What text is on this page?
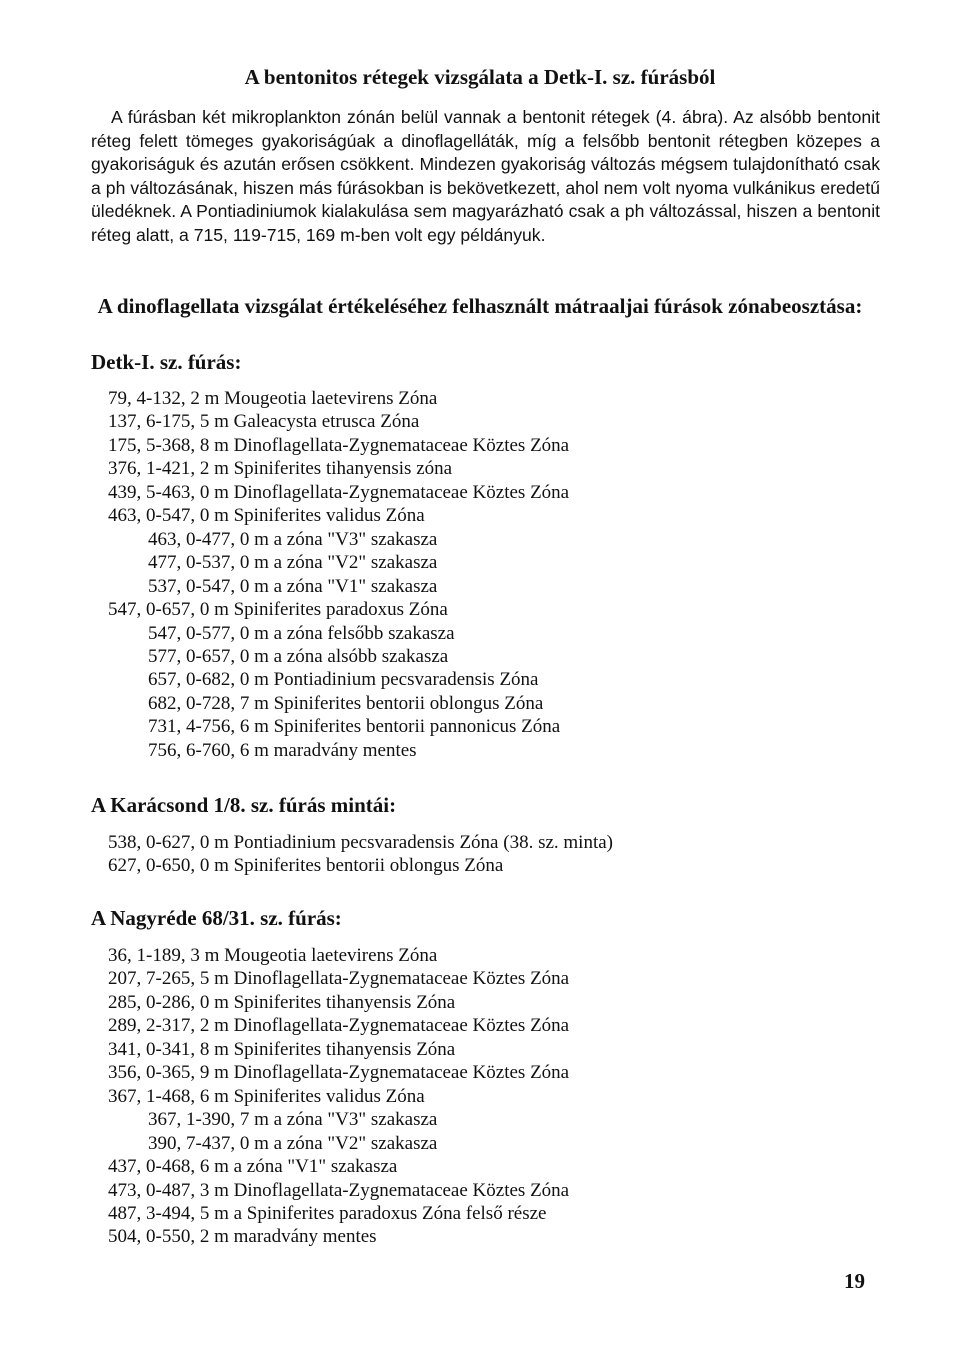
A bentonitos rétegek vizsgálata a Detk-I. sz. fúrásból

A fúrásban két mikroplankton zónán belül vannak a bentonit rétegek (4. ábra). Az alsóbb bentonit réteg felett tömeges gyakoriságúak a dinoflagelláták, míg a felsőbb bentonit rétegben közepes a gyakoriságuk és azután erősen csökkent. Mindezen gyakoriság változás mégsem tulajdonítható csak a ph változásának, hiszen más fúrásokban is bekövetkezett, ahol nem volt nyoma vulkánikus eredetű üledéknek. A Pontiadiniumok kialakulása sem magyarázható csak a ph változással, hiszen a bentonit réteg alatt, a 715, 119-715, 169 m-ben volt egy példányuk.

A dinoflagellata vizsgálat értékeléséhez felhasznált mátraaljai fúrások zónabeosztása:
Detk-I. sz. fúrás:
79, 4-132, 2 m Mougeotia laetevirens Zóna
137, 6-175, 5 m Galeacysta etrusca Zóna
175, 5-368, 8 m Dinoflagellata-Zygnemataceae Köztes Zóna
376, 1-421, 2 m Spiniferites tihanyensis zóna
439, 5-463, 0 m Dinoflagellata-Zygnemataceae Köztes Zóna
463, 0-547, 0 m Spiniferites validus Zóna
463, 0-477, 0 m a zóna "V3" szakasza
477, 0-537, 0 m a zóna "V2" szakasza
537, 0-547, 0 m a zóna "V1" szakasza
547, 0-657, 0 m Spiniferites paradoxus Zóna
547, 0-577, 0 m a zóna felsőbb szakasza
577, 0-657, 0 m a zóna alsóbb szakasza
657, 0-682, 0 m Pontiadinium pecsvaradensis Zóna
682, 0-728, 7 m Spiniferites bentorii oblongus Zóna
731, 4-756, 6 m Spiniferites bentorii pannonicus Zóna
756, 6-760, 6 m maradvány mentes
A Karácsond 1/8. sz. fúrás mintái:
538, 0-627, 0 m Pontiadinium pecsvaradensis Zóna (38. sz. minta)
627, 0-650, 0 m Spiniferites bentorii oblongus Zóna
A Nagyréde 68/31. sz. fúrás:
36, 1-189, 3 m Mougeotia laetevirens Zóna
207, 7-265, 5 m Dinoflagellata-Zygnemataceae Köztes Zóna
285, 0-286, 0 m Spiniferites tihanyensis Zóna
289, 2-317, 2 m Dinoflagellata-Zygnemataceae Köztes Zóna
341, 0-341, 8 m Spiniferites tihanyensis Zóna
356, 0-365, 9 m Dinoflagellata-Zygnemataceae Köztes Zóna
367, 1-468, 6 m Spiniferites validus Zóna
367, 1-390, 7 m a zóna "V3" szakasza
390, 7-437, 0 m a zóna "V2" szakasza
437, 0-468, 6 m a zóna "V1" szakasza
473, 0-487, 3 m Dinoflagellata-Zygnemataceae Köztes Zóna
487, 3-494, 5 m a Spiniferites paradoxus Zóna felső része
504, 0-550, 2 m maradvány mentes
19
